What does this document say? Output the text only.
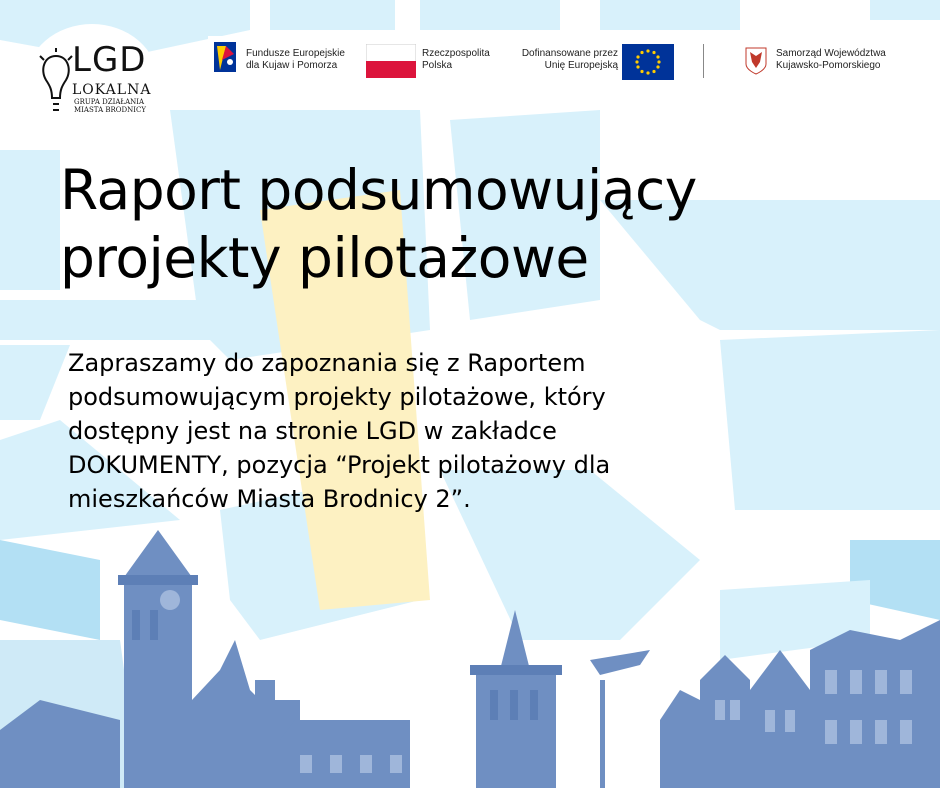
LGD
LOKALNA
GRUPA DZIAŁANIA
MIASTA BRODNICY
Fundusze Europejskie
dla Kujaw i Pomorza
Rzeczpospolita
Polska
Dofinansowane przez
Unię Europejską
Samorząd Województwa
Kujawsko-Pomorskiego
Raport podsumowujący
projekty pilotażowe
Zapraszamy do zapoznania się z Raportem
podsumowującym projekty pilotażowe, który
dostępny jest na stronie LGD w zakładce
DOKUMENTY, pozycja “Projekt pilotażowy dla
mieszkańców Miasta Brodnicy 2”.
